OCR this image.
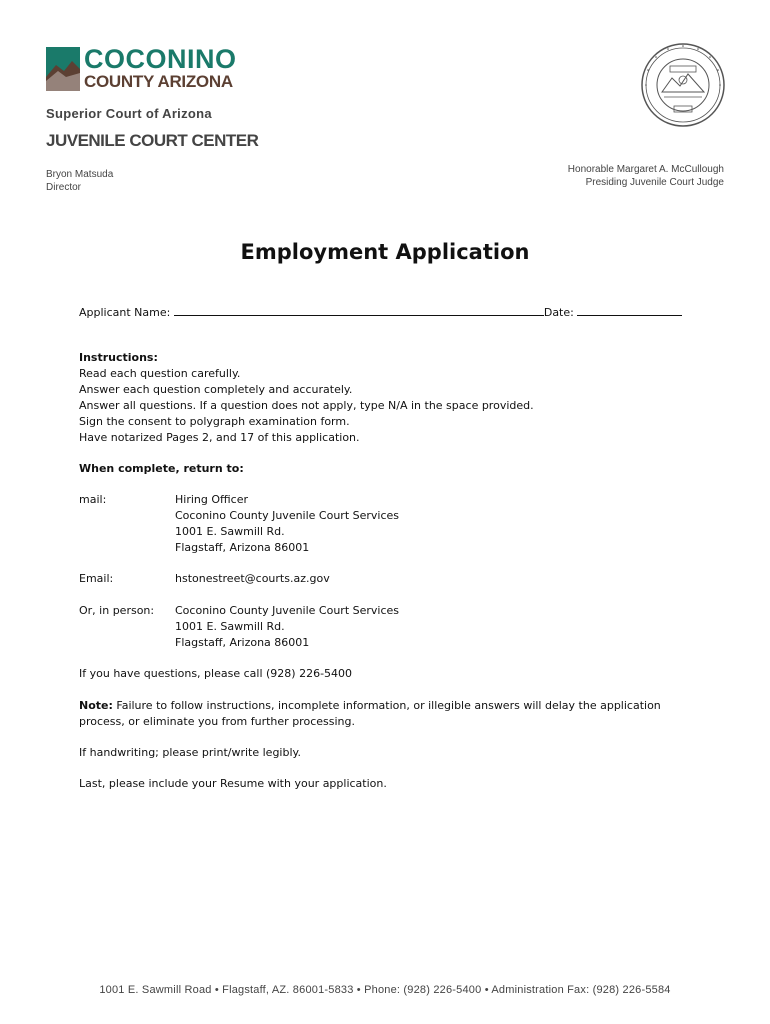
COCONINO
COUNTY ARIZONA
Superior Court of Arizona
JUVENILE COURT CENTER
Bryon Matsuda
Director
Honorable Margaret A. McCullough
Presiding Juvenile Court Judge
Employment Application
Applicant Name:	Date:
Instructions:
Read each question carefully.
Answer each question completely and accurately.
Answer all questions. If a question does not apply, type N/A in the space provided.
Sign the consent to polygraph examination form.
Have notarized Pages 2, and 17 of this application.
When complete, return to:
mail:	Hiring Officer
Coconino County Juvenile Court Services
1001 E. Sawmill Rd.
Flagstaff, Arizona 86001
Email:	hstonestreet@courts.az.gov
Or, in person: Coconino County Juvenile Court Services
1001 E. Sawmill Rd.
Flagstaff, Arizona 86001
If you have questions, please call (928) 226-5400
Note: Failure to follow instructions, incomplete information, or illegible answers will delay the application process, or eliminate you from further processing.
If handwriting; please print/write legibly.
Last, please include your Resume with your application.
1001 E. Sawmill Road • Flagstaff, AZ. 86001-5833 • Phone: (928) 226-5400 • Administration Fax: (928) 226-5584
